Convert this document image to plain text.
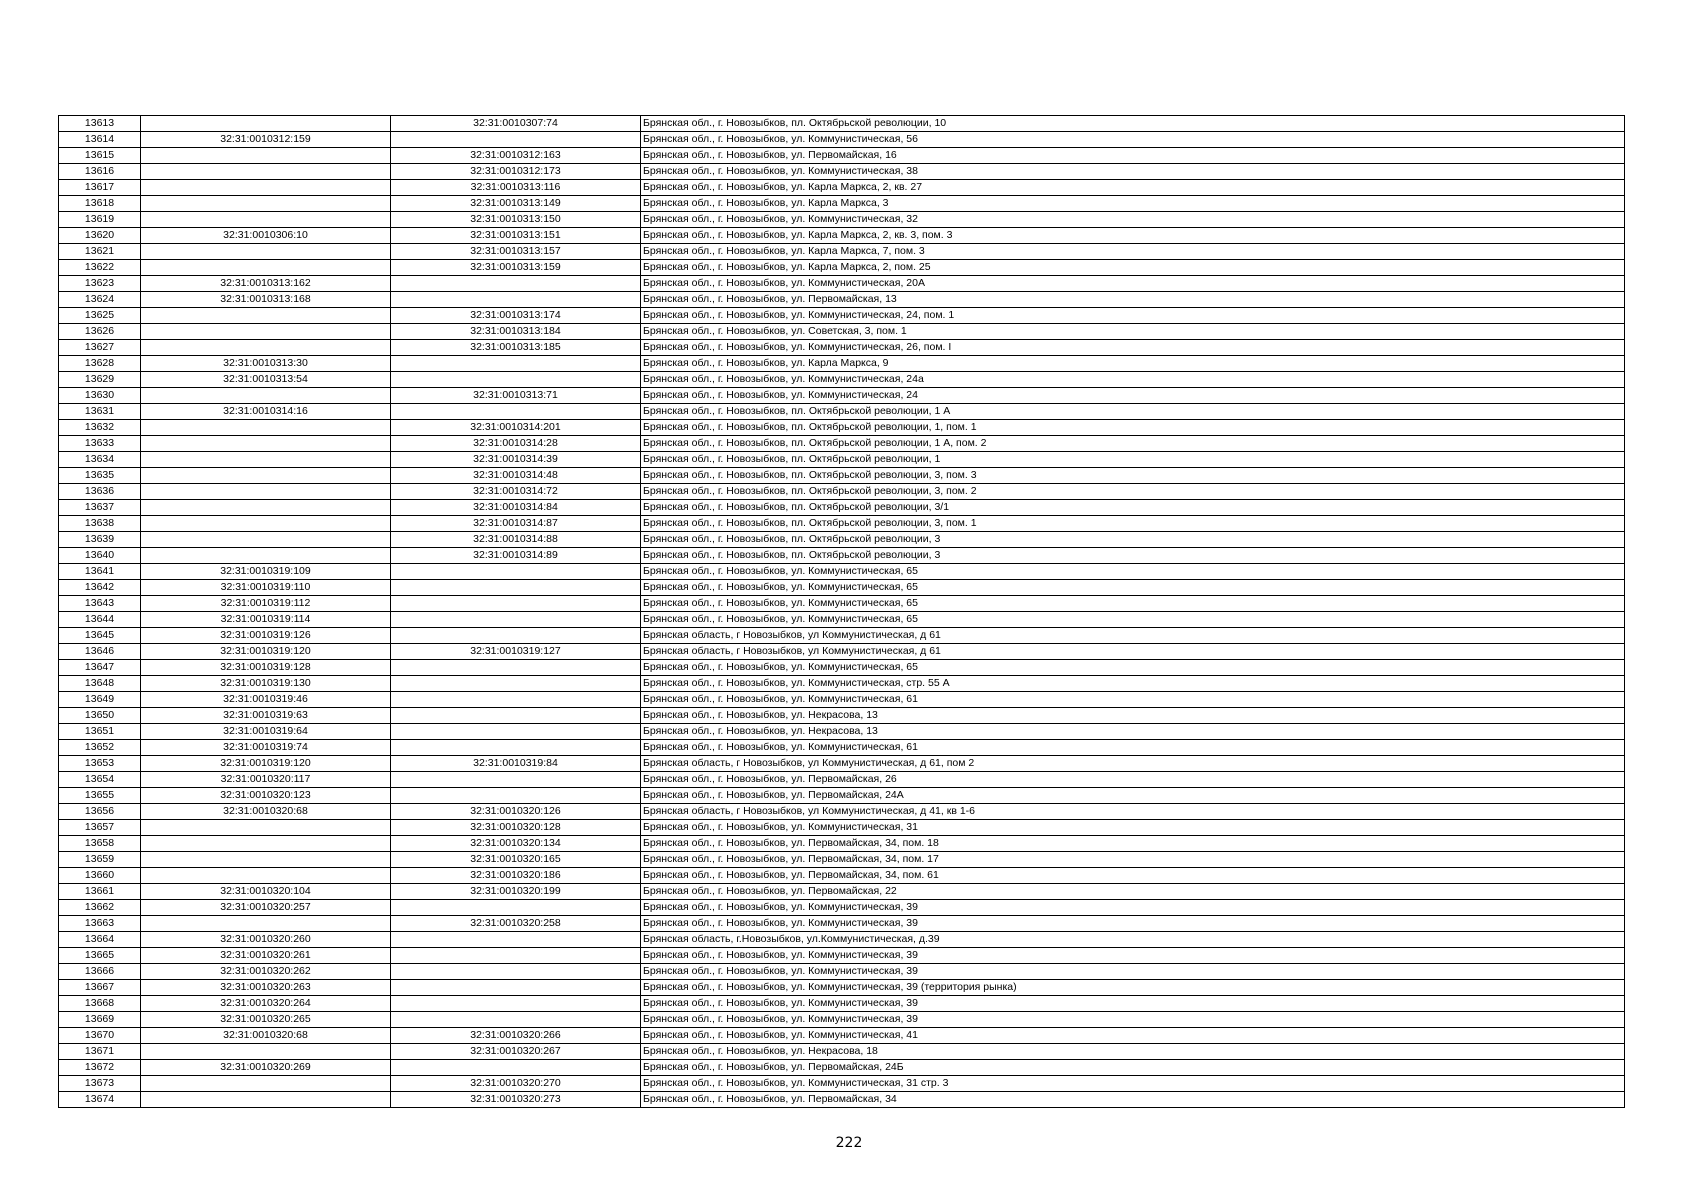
13613		32:31:0010307:74	Брянская обл., г. Новозыбков, пл. Октябрьской революции, 10
13614	32:31:0010312:159		Брянская обл., г. Новозыбков, ул. Коммунистическая, 56
13615		32:31:0010312:163	Брянская обл., г. Новозыбков, ул. Первомайская, 16
13616		32:31:0010312:173	Брянская обл., г. Новозыбков, ул. Коммунистическая, 38
13617		32:31:0010313:116	Брянская обл., г. Новозыбков, ул. Карла Маркса, 2, кв. 27
13618		32:31:0010313:149	Брянская обл., г. Новозыбков, ул. Карла Маркса, 3
13619		32:31:0010313:150	Брянская обл., г. Новозыбков, ул. Коммунистическая, 32
13620	32:31:0010306:10	32:31:0010313:151	Брянская обл., г. Новозыбков, ул. Карла Маркса, 2, кв. 3, пом. 3
13621		32:31:0010313:157	Брянская обл., г. Новозыбков, ул. Карла Маркса, 7, пом. 3
13622		32:31:0010313:159	Брянская обл., г. Новозыбков, ул. Карла Маркса, 2, пом. 25
13623	32:31:0010313:162		Брянская обл., г. Новозыбков, ул. Коммунистическая, 20А
13624	32:31:0010313:168		Брянская обл., г. Новозыбков, ул. Первомайская, 13
13625		32:31:0010313:174	Брянская обл., г. Новозыбков, ул. Коммунистическая, 24, пом. 1
13626		32:31:0010313:184	Брянская обл., г. Новозыбков, ул. Советская, 3, пом. 1
13627		32:31:0010313:185	Брянская обл., г. Новозыбков, ул. Коммунистическая, 26, пом. I
13628	32:31:0010313:30		Брянская обл., г. Новозыбков, ул. Карла Маркса, 9
13629	32:31:0010313:54		Брянская обл., г. Новозыбков, ул. Коммунистическая, 24а
13630		32:31:0010313:71	Брянская обл., г. Новозыбков, ул. Коммунистическая, 24
13631	32:31:0010314:16		Брянская обл., г. Новозыбков, пл. Октябрьской революции, 1 А
13632		32:31:0010314:201	Брянская обл., г. Новозыбков, пл. Октябрьской революции, 1, пом. 1
13633		32:31:0010314:28	Брянская обл., г. Новозыбков, пл. Октябрьской революции, 1 А, пом. 2
13634		32:31:0010314:39	Брянская обл., г. Новозыбков, пл. Октябрьской революции, 1
13635		32:31:0010314:48	Брянская обл., г. Новозыбков, пл. Октябрьской революции, 3, пом. 3
13636		32:31:0010314:72	Брянская обл., г. Новозыбков, пл. Октябрьской революции, 3, пом. 2
13637		32:31:0010314:84	Брянская обл., г. Новозыбков, пл. Октябрьской революции, 3/1
13638		32:31:0010314:87	Брянская обл., г. Новозыбков, пл. Октябрьской революции, 3, пом. 1
13639		32:31:0010314:88	Брянская обл., г. Новозыбков, пл. Октябрьской революции, 3
13640		32:31:0010314:89	Брянская обл., г. Новозыбков, пл. Октябрьской революции, 3
13641	32:31:0010319:109		Брянская обл., г. Новозыбков, ул. Коммунистическая, 65
13642	32:31:0010319:110		Брянская обл., г. Новозыбков, ул. Коммунистическая, 65
13643	32:31:0010319:112		Брянская обл., г. Новозыбков, ул. Коммунистическая, 65
13644	32:31:0010319:114		Брянская обл., г. Новозыбков, ул. Коммунистическая, 65
13645	32:31:0010319:126		Брянская область, г Новозыбков, ул Коммунистическая, д 61
13646	32:31:0010319:120	32:31:0010319:127	Брянская область, г Новозыбков, ул Коммунистическая, д 61
13647	32:31:0010319:128		Брянская обл., г. Новозыбков, ул. Коммунистическая, 65
13648	32:31:0010319:130		Брянская обл., г. Новозыбков, ул. Коммунистическая, стр. 55 А
13649	32:31:0010319:46		Брянская обл., г. Новозыбков, ул. Коммунистическая, 61
13650	32:31:0010319:63		Брянская обл., г. Новозыбков, ул. Некрасова, 13
13651	32:31:0010319:64		Брянская обл., г. Новозыбков, ул. Некрасова, 13
13652	32:31:0010319:74		Брянская обл., г. Новозыбков, ул. Коммунистическая, 61
13653	32:31:0010319:120	32:31:0010319:84	Брянская область, г Новозыбков, ул Коммунистическая, д 61, пом 2
13654	32:31:0010320:117		Брянская обл., г. Новозыбков, ул. Первомайская, 26
13655	32:31:0010320:123		Брянская обл., г. Новозыбков, ул. Первомайская, 24А
13656	32:31:0010320:68	32:31:0010320:126	Брянская область, г Новозыбков, ул Коммунистическая, д 41, кв 1-6
13657		32:31:0010320:128	Брянская обл., г. Новозыбков, ул. Коммунистическая, 31
13658		32:31:0010320:134	Брянская обл., г. Новозыбков, ул. Первомайская, 34, пом. 18
13659		32:31:0010320:165	Брянская обл., г. Новозыбков, ул. Первомайская, 34, пом. 17
13660		32:31:0010320:186	Брянская обл., г. Новозыбков, ул. Первомайская, 34, пом. 61
13661	32:31:0010320:104	32:31:0010320:199	Брянская обл., г. Новозыбков, ул. Первомайская, 22
13662	32:31:0010320:257		Брянская обл., г. Новозыбков, ул. Коммунистическая, 39
13663		32:31:0010320:258	Брянская обл., г. Новозыбков, ул. Коммунистическая, 39
13664	32:31:0010320:260		Брянская область, г.Новозыбков, ул.Коммунистическая, д.39
13665	32:31:0010320:261		Брянская обл., г. Новозыбков, ул. Коммунистическая, 39
13666	32:31:0010320:262		Брянская обл., г. Новозыбков, ул. Коммунистическая, 39
13667	32:31:0010320:263		Брянская обл., г. Новозыбков, ул. Коммунистическая, 39 (территория рынка)
13668	32:31:0010320:264		Брянская обл., г. Новозыбков, ул. Коммунистическая, 39
13669	32:31:0010320:265		Брянская обл., г. Новозыбков, ул. Коммунистическая, 39
13670	32:31:0010320:68	32:31:0010320:266	Брянская обл., г. Новозыбков, ул. Коммунистическая, 41
13671		32:31:0010320:267	Брянская обл., г. Новозыбков, ул. Некрасова, 18
13672	32:31:0010320:269		Брянская обл., г. Новозыбков, ул. Первомайская, 24Б
13673		32:31:0010320:270	Брянская обл., г. Новозыбков, ул. Коммунистическая, 31 стр. 3
13674		32:31:0010320:273	Брянская обл., г. Новозыбков, ул. Первомайская, 34
222
